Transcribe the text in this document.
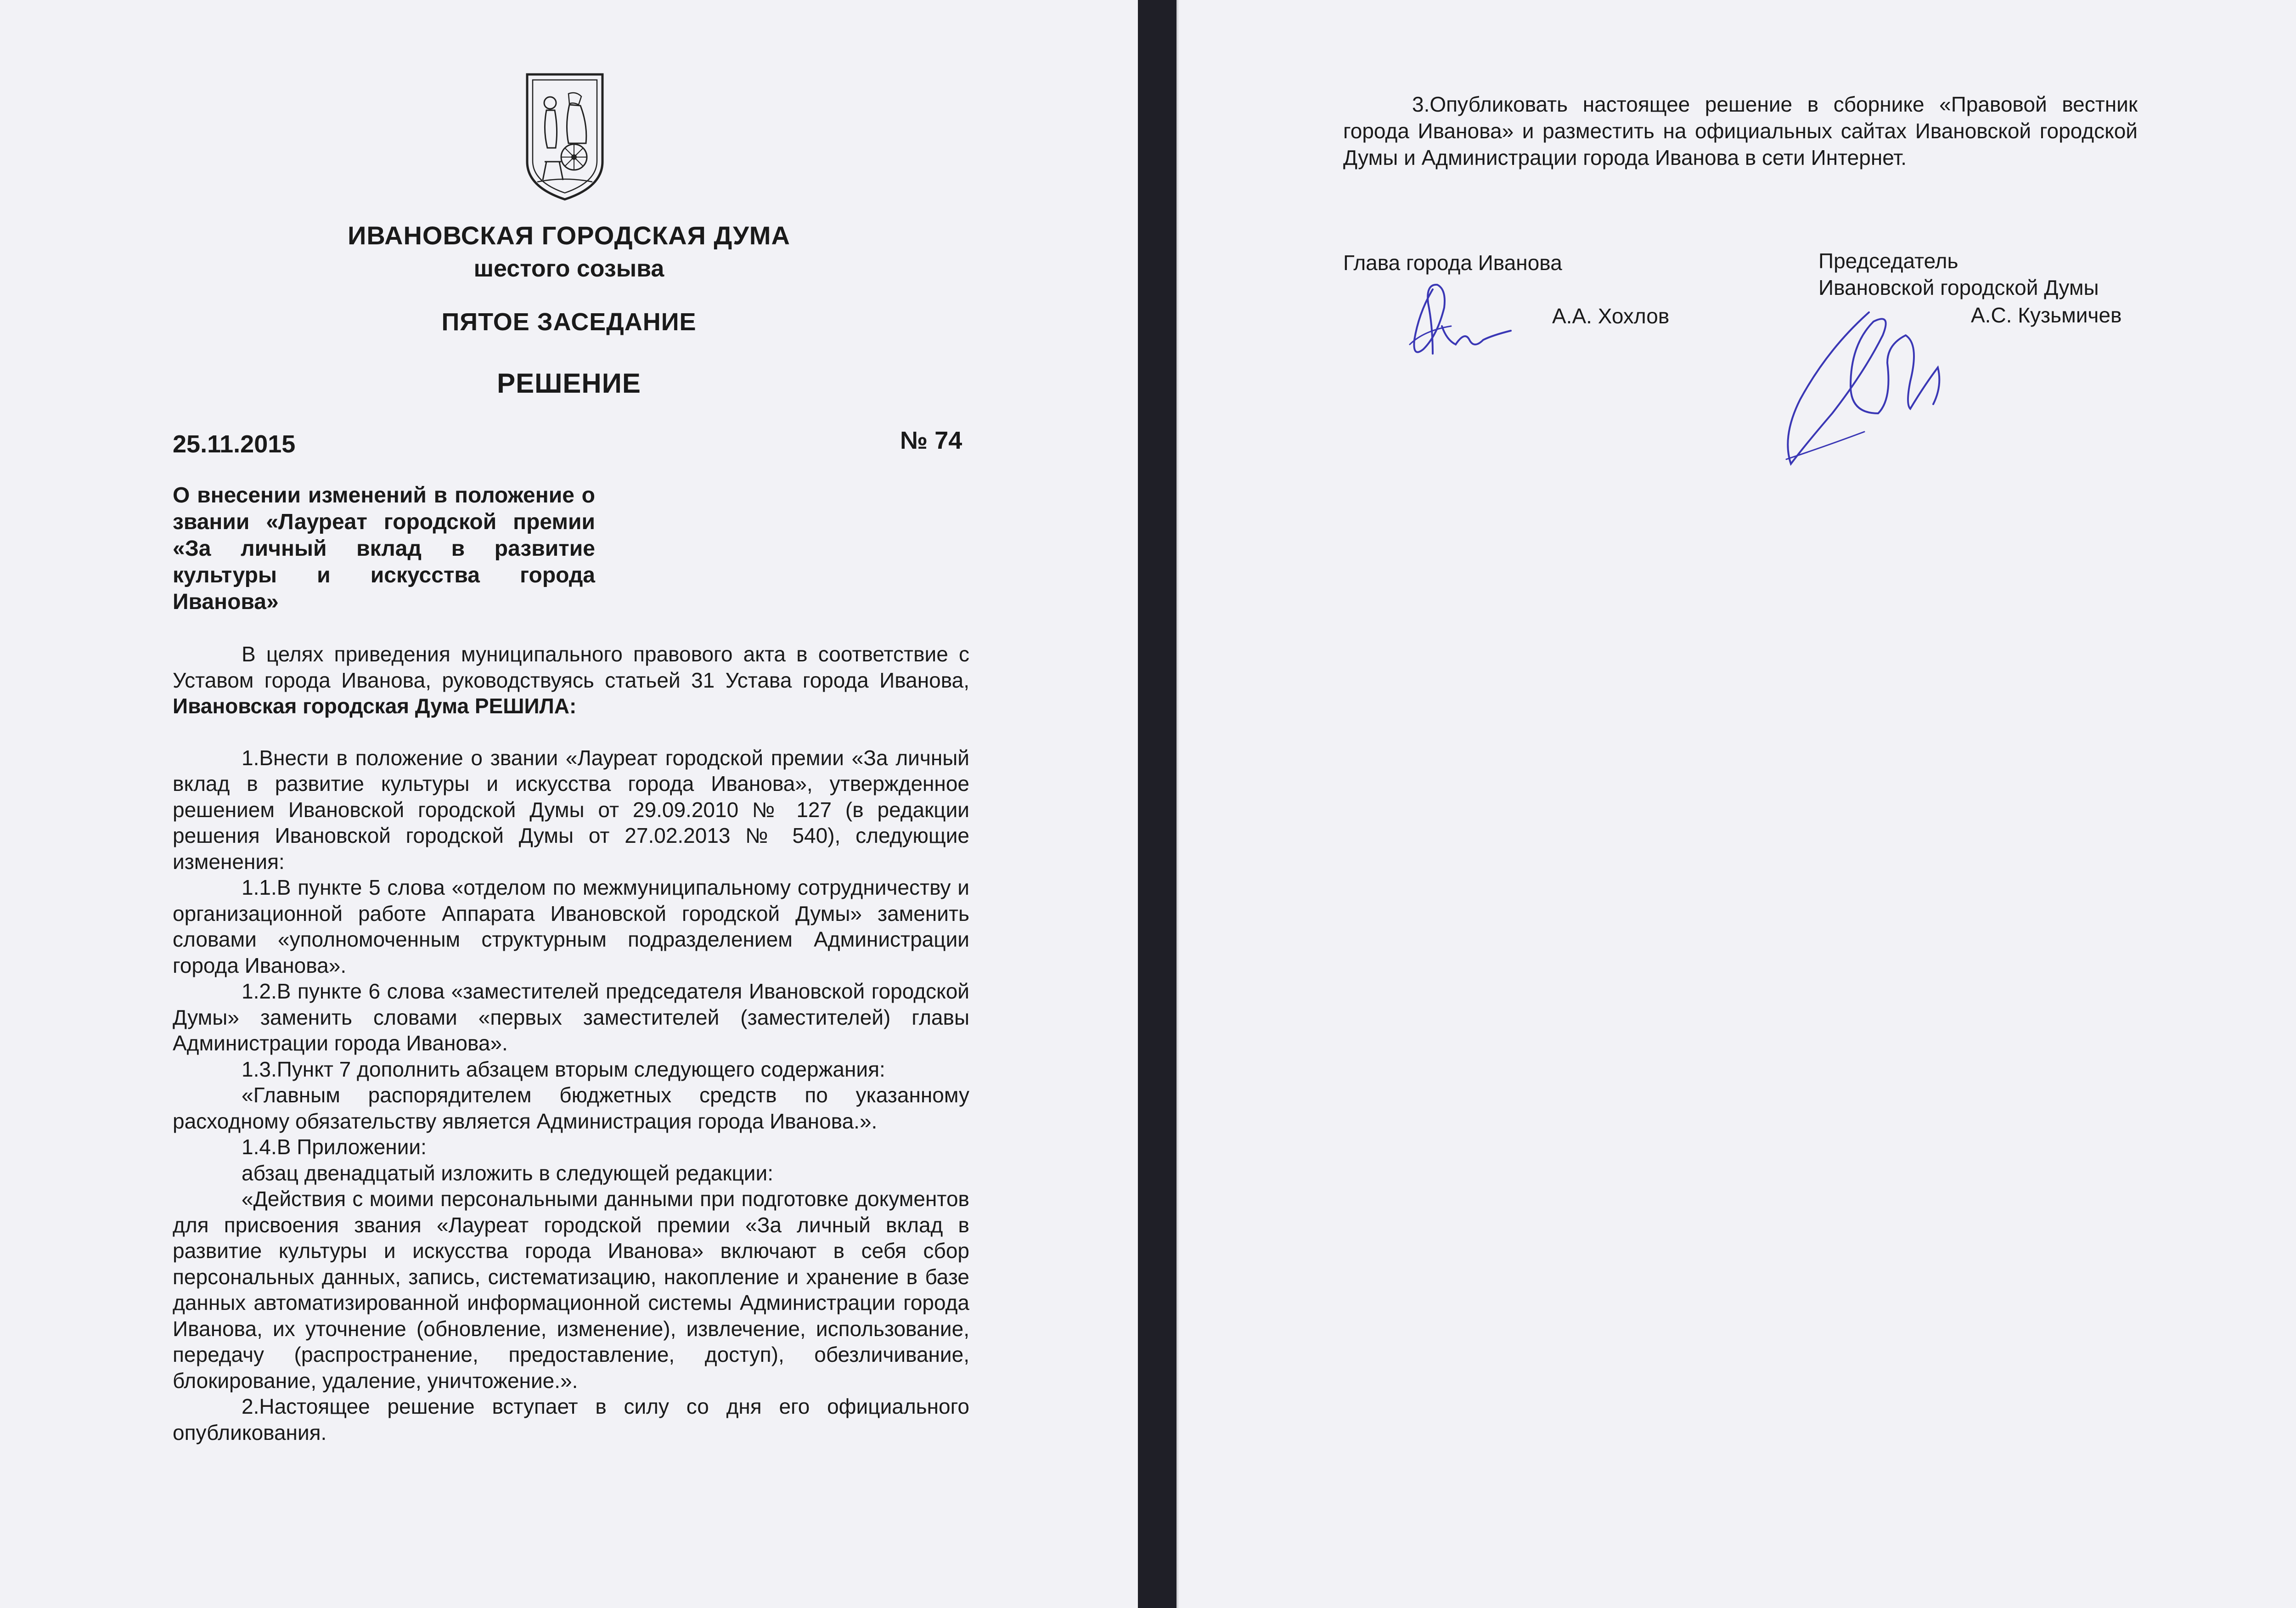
ИВАНОВСКАЯ ГОРОДСКАЯ ДУМА
шестого созыва
ПЯТОЕ ЗАСЕДАНИЕ
РЕШЕНИЕ
25.11.2015	№ 74
О внесении изменений в положение о звании «Лауреат городской премии «За личный вклад в развитие культуры и искусства города Иванова»

В целях приведения муниципального правового акта в соответствие с Уставом города Иванова, руководствуясь статьей 31 Устава города Иванова, Ивановская городская Дума РЕШИЛА:

1.Внести в положение о звании «Лауреат городской премии «За личный вклад в развитие культуры и искусства города Иванова», утвержденное решением Ивановской городской Думы от 29.09.2010 № 127 (в редакции решения Ивановской городской Думы от 27.02.2013 № 540), следующие изменения:

1.1.В пункте 5 слова «отделом по межмуниципальному сотрудничеству и организационной работе Аппарата Ивановской городской Думы» заменить словами «уполномоченным структурным подразделением Администрации города Иванова».

1.2.В пункте 6 слова «заместителей председателя Ивановской городской Думы» заменить словами «первых заместителей (заместителей) главы Администрации города Иванова».

1.3.Пункт 7 дополнить абзацем вторым следующего содержания:

«Главным распорядителем бюджетных средств по указанному расходному обязательству является Администрация города Иванова.».

1.4.В Приложении:

абзац двенадцатый изложить в следующей редакции:

«Действия с моими персональными данными при подготовке документов для присвоения звания «Лауреат городской премии «За личный вклад в развитие культуры и искусства города Иванова» включают в себя сбор персональных данных, запись, систематизацию, накопление и хранение в базе данных автоматизированной информационной системы Администрации города Иванова, их уточнение (обновление, изменение), извлечение, использование, передачу (распространение, предоставление, доступ), обезличивание, блокирование, удаление, уничтожение.».

2.Настоящее решение вступает в силу со дня его официального опубликования.

3.Опубликовать настоящее решение в сборнике «Правовой вестник города Иванова» и разместить на официальных сайтах Ивановской городской Думы и Администрации города Иванова в сети Интернет.

Глава города Иванова
А.А. Хохлов
Председатель
Ивановской городской Думы
А.С. Кузьмичев
